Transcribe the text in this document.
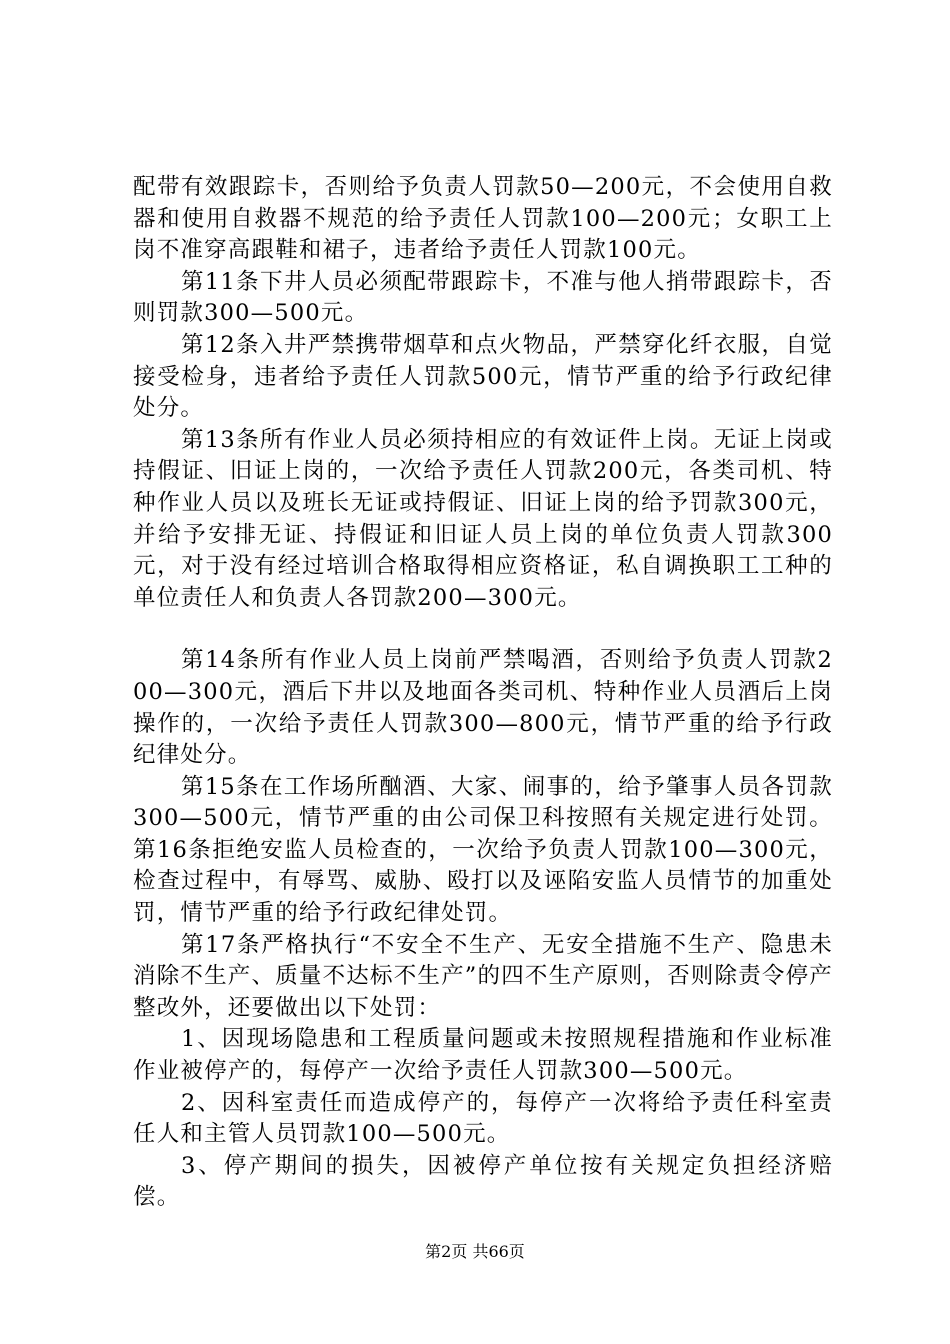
配带有效跟踪卡，否则给予负责人罚款50—200元，不会使用自救器和使用自救器不规范的给予责任人罚款100—200元；女职工上岗不准穿高跟鞋和裙子，违者给予责任人罚款100元。

第11条下井人员必须配带跟踪卡，不准与他人捎带跟踪卡，否则罚款300—500元。

第12条入井严禁携带烟草和点火物品，严禁穿化纤衣服，自觉接受检身，违者给予责任人罚款500元，情节严重的给予行政纪律处分。

第13条所有作业人员必须持相应的有效证件上岗。无证上岗或持假证、旧证上岗的，一次给予责任人罚款200元，各类司机、特种作业人员以及班长无证或持假证、旧证上岗的给予罚款300元，并给予安排无证、持假证和旧证人员上岗的单位负责人罚款300元，对于没有经过培训合格取得相应资格证，私自调换职工工种的单位责任人和负责人各罚款200—300元。

第14条所有作业人员上岗前严禁喝酒，否则给予负责人罚款200—300元，酒后下井以及地面各类司机、特种作业人员酒后上岗操作的，一次给予责任人罚款300—800元，情节严重的给予行政纪律处分。

第15条在工作场所酗酒、大家、闹事的，给予肇事人员各罚款300—500元，情节严重的由公司保卫科按照有关规定进行处罚。第16条拒绝安监人员检查的，一次给予负责人罚款100—300元，检查过程中，有辱骂、威胁、殴打以及诬陷安监人员情节的加重处罚，情节严重的给予行政纪律处罚。

第17条严格执行“不安全不生产、无安全措施不生产、隐患未消除不生产、质量不达标不生产”的四不生产原则，否则除责令停产整改外，还要做出以下处罚：

1、因现场隐患和工程质量问题或未按照规程措施和作业标准作业被停产的，每停产一次给予责任人罚款300—500元。

2、因科室责任而造成停产的，每停产一次将给予责任科室责任人和主管人员罚款100—500元。

3、停产期间的损失，因被停产单位按有关规定负担经济赔偿。

第2页 共66页
